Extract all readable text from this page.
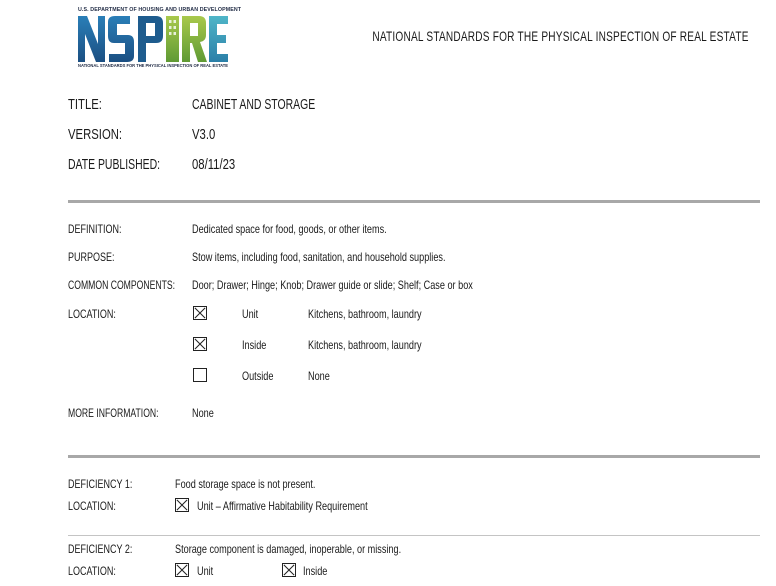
U.S. DEPARTMENT OF HOUSING AND URBAN DEVELOPMENT
NATIONAL STANDARDS FOR THE PHYSICAL INSPECTION OF REAL ESTATE
NATIONAL STANDARDS FOR THE PHYSICAL INSPECTION OF REAL ESTATE
TITLE:	CABINET AND STORAGE
VERSION:	V3.0
DATE PUBLISHED:	08/11/23
DEFINITION:	Dedicated space for food, goods, or other items.
PURPOSE:	Stow items, including food, sanitation, and household supplies.
COMMON COMPONENTS:	Door; Drawer; Hinge; Knob; Drawer guide or slide; Shelf; Case or box
LOCATION:	Unit	Kitchens, bathroom, laundry
Inside	Kitchens, bathroom, laundry
Outside	None
MORE INFORMATION:	None
DEFICIENCY 1:	Food storage space is not present.
LOCATION:	Unit – Affirmative Habitability Requirement
DEFICIENCY 2:	Storage component is damaged, inoperable, or missing.
LOCATION:	Unit	Inside
